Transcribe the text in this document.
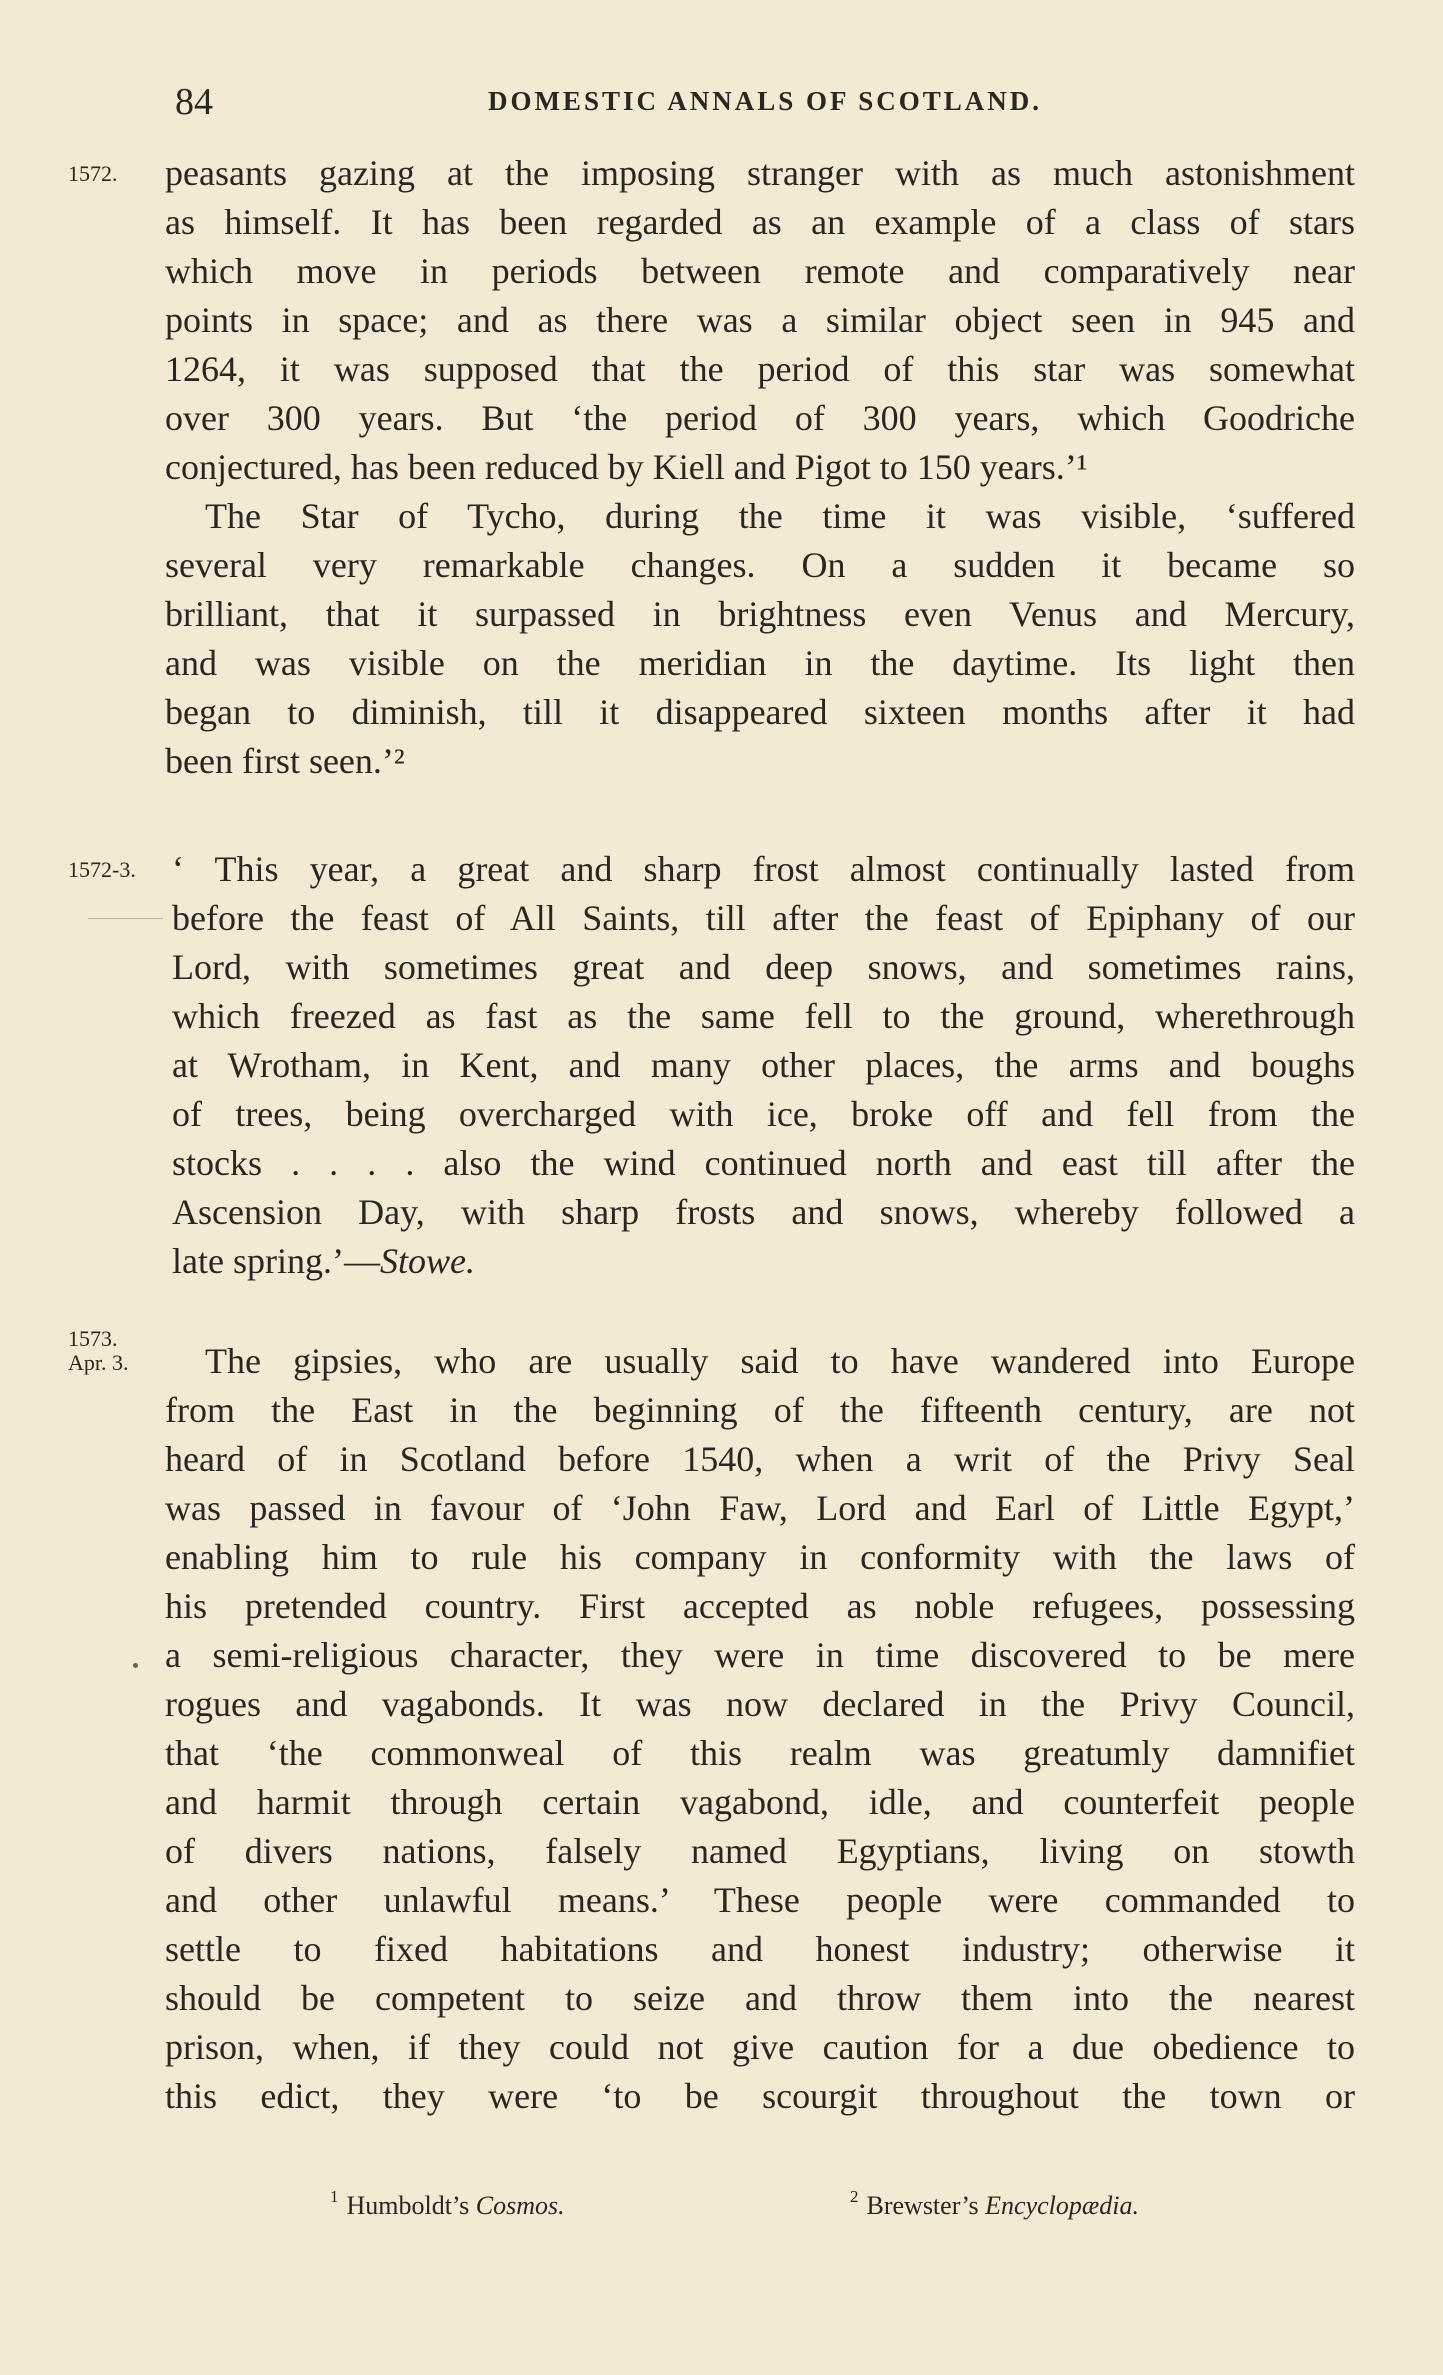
84	DOMESTIC ANNALS OF SCOTLAND.
1572. peasants gazing at the imposing stranger with as much astonishment
as himself. It has been regarded as an example of a class of stars
which move in periods between remote and comparatively near
points in space; and as there was a similar object seen in 945 and
1264, it was supposed that the period of this star was somewhat
over 300 years. But ‘the period of 300 years, which Goodriche
conjectured, has been reduced by Kiell and Pigot to 150 years.’¹
The Star of Tycho, during the time it was visible, ‘suffered
several very remarkable changes. On a sudden it became so
brilliant, that it surpassed in brightness even Venus and Mercury,
and was visible on the meridian in the daytime. Its light then
began to diminish, till it disappeared sixteen months after it had
been first seen.’²
1572-3. ‘ This year, a great and sharp frost almost continually lasted from
before the feast of All Saints, till after the feast of Epiphany of our
Lord, with sometimes great and deep snows, and sometimes rains,
which freezed as fast as the same fell to the ground, wherethrough
at Wrotham, in Kent, and many other places, the arms and boughs
of trees, being overcharged with ice, broke off and fell from the
stocks . . . . also the wind continued north and east till after the
Ascension Day, with sharp frosts and snows, whereby followed a
late spring.’—Stowe.
1573.
Apr. 3.	The gipsies, who are usually said to have wandered into Europe
from the East in the beginning of the fifteenth century, are not
heard of in Scotland before 1540, when a writ of the Privy Seal
was passed in favour of ‘John Faw, Lord and Earl of Little Egypt,’
enabling him to rule his company in conformity with the laws of
his pretended country. First accepted as noble refugees, possessing
a semi-religious character, they were in time discovered to be mere
rogues and vagabonds. It was now declared in the Privy Council,
that ‘the commonweal of this realm was greatumly damnifiet
and harmit through certain vagabond, idle, and counterfeit people
of divers nations, falsely named Egyptians, living on stowth
and other unlawful means.’ These people were commanded to
settle to fixed habitations and honest industry; otherwise it
should be competent to seize and throw them into the nearest
prison, when, if they could not give caution for a due obedience to
this edict, they were ‘to be scourgit throughout the town or
$^1$ Humboldt’s Cosmos.	$^2$ Brewster’s Encyclopædia.
